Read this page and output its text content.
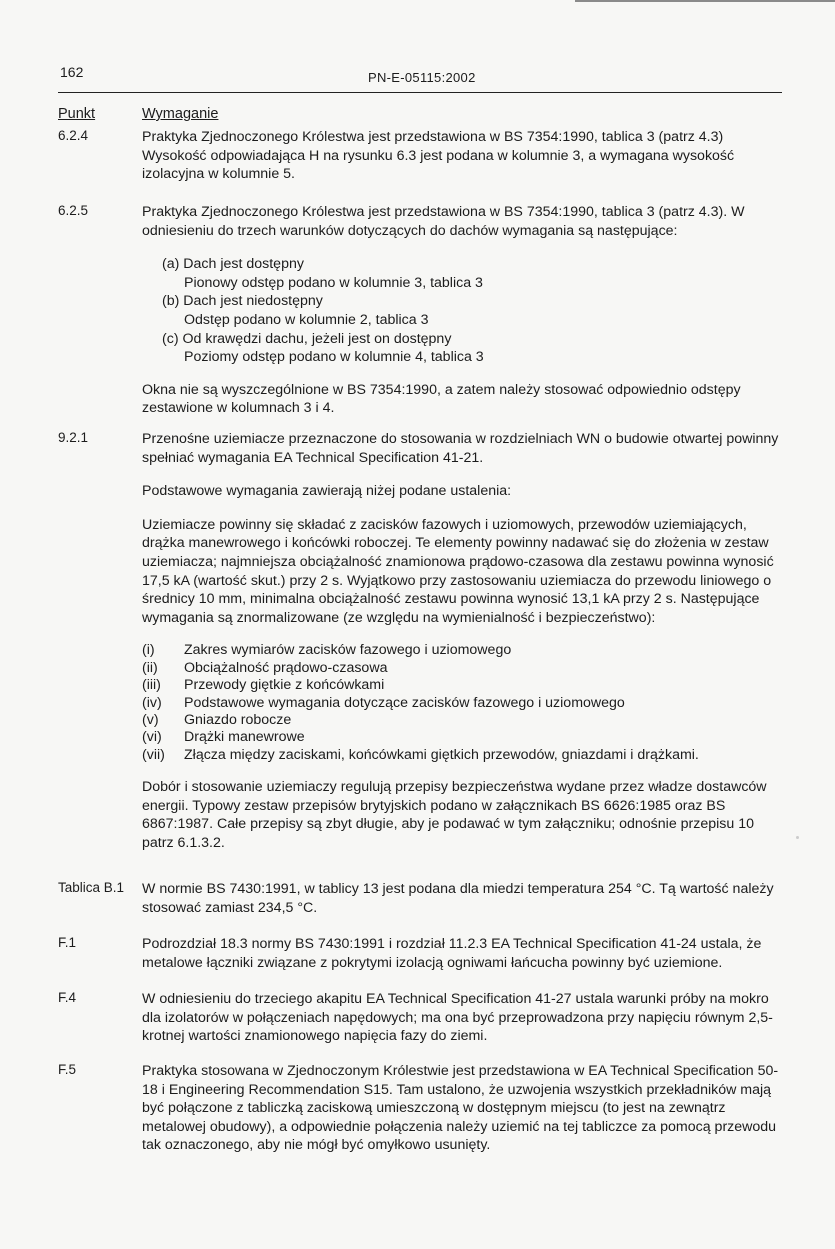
162	PN-E-05115:2002
Punkt	Wymaganie
6.2.4	Praktyka Zjednoczonego Królestwa jest przedstawiona w BS 7354:1990, tablica 3 (patrz 4.3) Wysokość odpowiadająca H na rysunku 6.3 jest podana w kolumnie 3, a wymagana wysokość izolacyjna w kolumnie 5.

6.2.5	Praktyka Zjednoczonego Królestwa jest przedstawiona w BS 7354:1990, tablica 3 (patrz 4.3). W odniesieniu do trzech warunków dotyczących do dachów wymagania są następujące:

(a) Dach jest dostępny
Pionowy odstęp podano w kolumnie 3, tablica 3
(b) Dach jest niedostępny
Odstęp podano w kolumnie 2, tablica 3
(c) Od krawędzi dachu, jeżeli jest on dostępny
Poziomy odstęp podano w kolumnie 4, tablica 3

Okna nie są wyszczególnione w BS 7354:1990, a zatem należy stosować odpowiednio odstępy zestawione w kolumnach 3 i 4.

9.2.1	Przenośne uziemiacze przeznaczone do stosowania w rozdzielniach WN o budowie otwartej powinny spełniać wymagania EA Technical Specification 41-21.

Podstawowe wymagania zawierają niżej podane ustalenia:

Uziemiacze powinny się składać z zacisków fazowych i uziomowych, przewodów uziemiających, drążka manewrowego i końcówki roboczej. Te elementy powinny nadawać się do złożenia w zestaw uziemiacza; najmniejsza obciążalność znamionowa prądowo-czasowa dla zestawu powinna wynosić 17,5 kA (wartość skut.) przy 2 s. Wyjątkowo przy zastosowaniu uziemiacza do przewodu liniowego o średnicy 10 mm, minimalna obciążalność zestawu powinna wynosić 13,1 kA przy 2 s. Następujące wymagania są znormalizowane (ze względu na wymienialność i bezpieczeństwo):

(i)	Zakres wymiarów zacisków fazowego i uziomowego
(ii)	Obciążalność prądowo-czasowa
(iii)	Przewody giętkie z końcówkami
(iv)	Podstawowe wymagania dotyczące zacisków fazowego i uziomowego
(v)	Gniazdo robocze
(vi)	Drążki manewrowe
(vii)	Złącza między zaciskami, końcówkami giętkich przewodów, gniazdami i drążkami.

Dobór i stosowanie uziemiaczy regulują przepisy bezpieczeństwa wydane przez władze dostawców energii. Typowy zestaw przepisów brytyjskich podano w załącznikach BS 6626:1985 oraz BS 6867:1987. Całe przepisy są zbyt długie, aby je podawać w tym załączniku; odnośnie przepisu 10 patrz 6.1.3.2.

Tablica B.1	W normie BS 7430:1991, w tablicy 13 jest podana dla miedzi temperatura 254 °C. Tą wartość należy stosować zamiast 234,5 °C.

F.1	Podrozdział 18.3 normy BS 7430:1991 i rozdział 11.2.3 EA Technical Specification 41-24 ustala, że metalowe łączniki związane z pokrytymi izolacją ogniwami łańcucha powinny być uziemione.

F.4	W odniesieniu do trzeciego akapitu EA Technical Specification 41-27 ustala warunki próby na mokro dla izolatorów w połączeniach napędowych; ma ona być przeprowadzona przy napięciu równym 2,5-krotnej wartości znamionowego napięcia fazy do ziemi.

F.5	Praktyka stosowana w Zjednoczonym Królestwie jest przedstawiona w EA Technical Specification 50-18 i Engineering Recommendation S15. Tam ustalono, że uzwojenia wszystkich przekładników mają być połączone z tabliczką zaciskową umieszczoną w dostępnym miejscu (to jest na zewnątrz metalowej obudowy), a odpowiednie połączenia należy uziemić na tej tabliczce za pomocą przewodu tak oznaczonego, aby nie mógł być omyłkowo usunięty.
